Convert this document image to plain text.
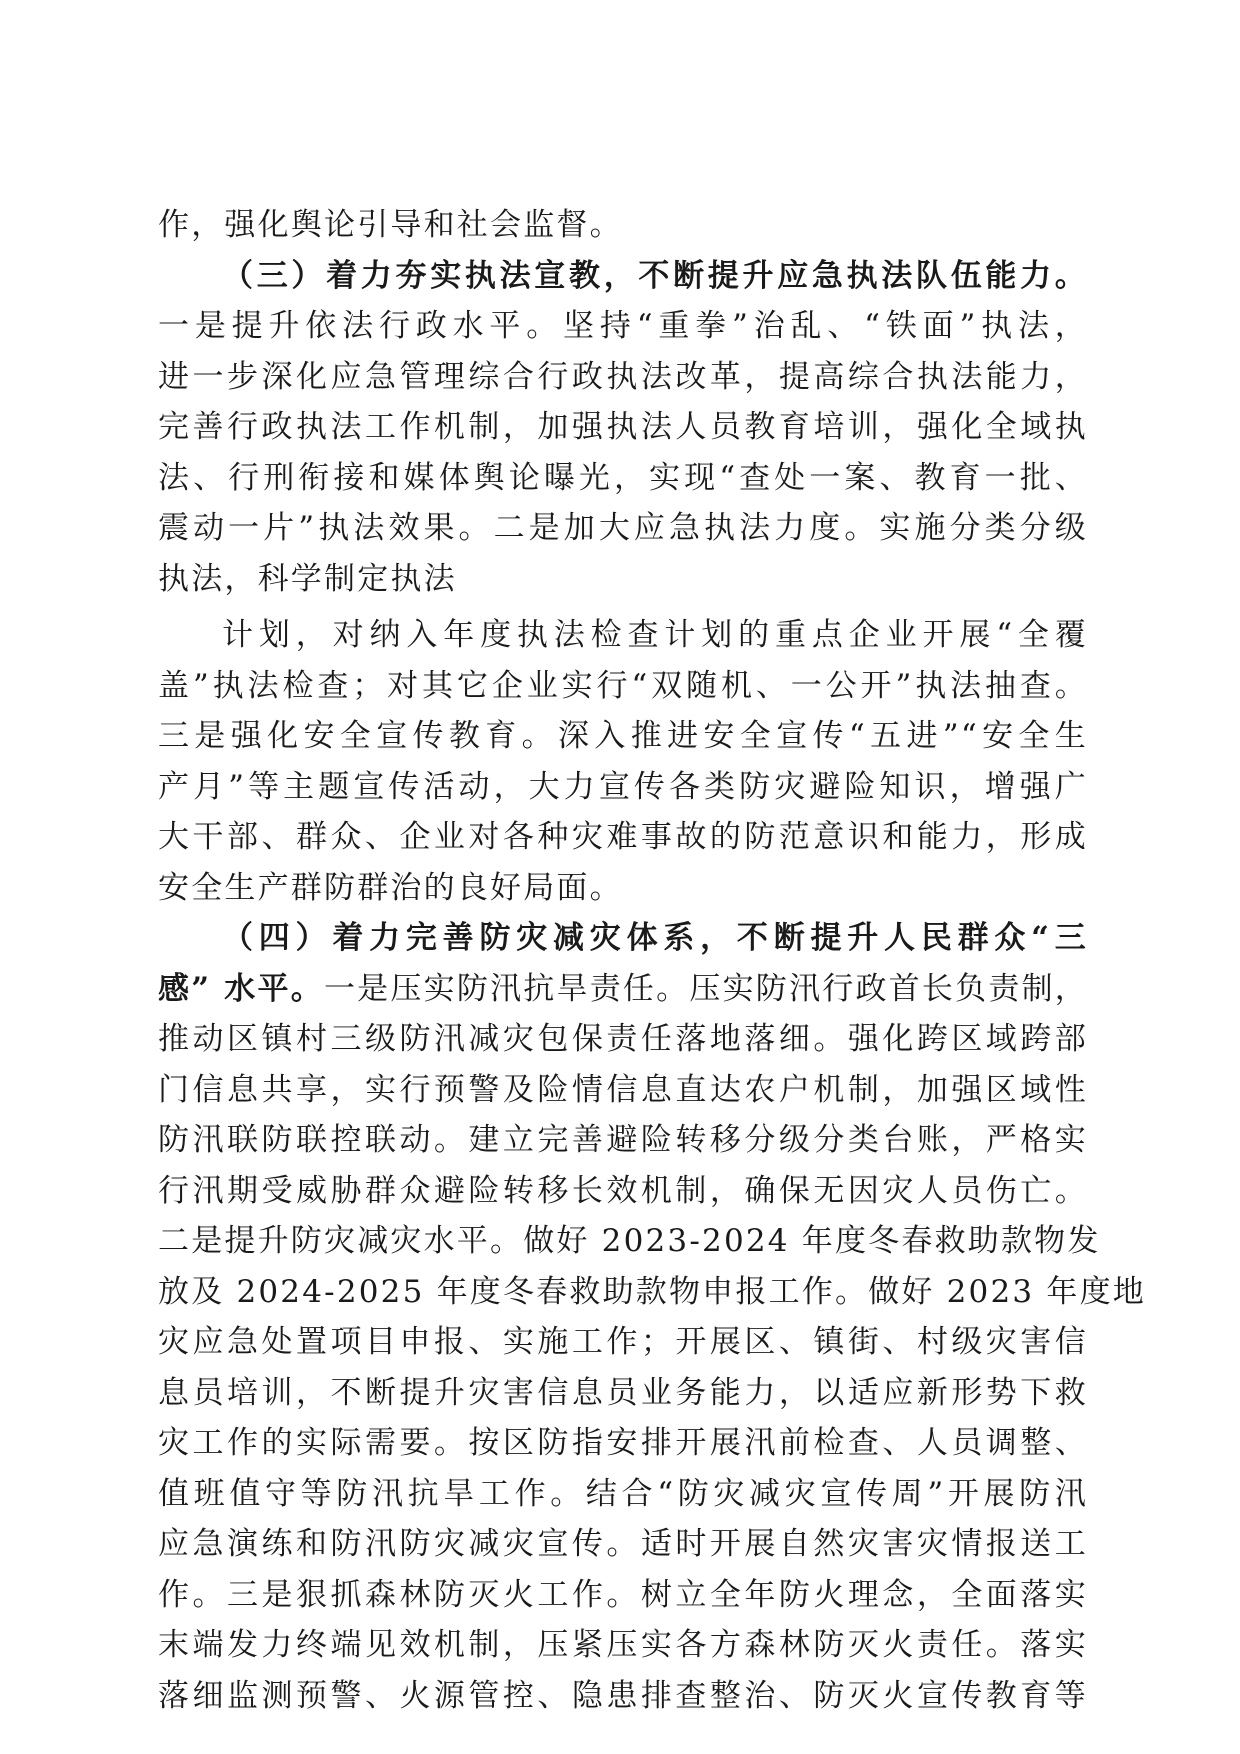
作，强化舆论引导和社会监督。
（三）着力夯实执法宣教，不断提升应急执法队伍能力。
一是提升依法行政水平。坚持“重拳”治乱、“铁面”执法，
进一步深化应急管理综合行政执法改革，提高综合执法能力，
完善行政执法工作机制，加强执法人员教育培训，强化全域执
法、行刑衔接和媒体舆论曝光，实现“查处一案、教育一批、
震动一片”执法效果。二是加大应急执法力度。实施分类分级
执法，科学制定执法
计划，对纳入年度执法检查计划的重点企业开展“全覆
盖”执法检查；对其它企业实行“双随机、一公开”执法抽查。
三是强化安全宣传教育。深入推进安全宣传“五进”“安全生
产月”等主题宣传活动，大力宣传各类防灾避险知识，增强广
大干部、群众、企业对各种灾难事故的防范意识和能力，形成
安全生产群防群治的良好局面。
（四）着力完善防灾减灾体系，不断提升人民群众“三
感” 水平。一是压实防汛抗旱责任。压实防汛行政首长负责制，
推动区镇村三级防汛减灾包保责任落地落细。强化跨区域跨部
门信息共享，实行预警及险情信息直达农户机制，加强区域性
防汛联防联控联动。建立完善避险转移分级分类台账，严格实
行汛期受威胁群众避险转移长效机制，确保无因灾人员伤亡。
二是提升防灾减灾水平。做好 2023-2024 年度冬春救助款物发
放及 2024-2025 年度冬春救助款物申报工作。做好 2023 年度地
灾应急处置项目申报、实施工作；开展区、镇街、村级灾害信
息员培训，不断提升灾害信息员业务能力，以适应新形势下救
灾工作的实际需要。按区防指安排开展汛前检查、人员调整、
值班值守等防汛抗旱工作。结合“防灾减灾宣传周”开展防汛
应急演练和防汛防灾减灾宣传。适时开展自然灾害灾情报送工
作。三是狠抓森林防灭火工作。树立全年防火理念，全面落实
末端发力终端见效机制，压紧压实各方森林防灭火责任。落实
落细监测预警、火源管控、隐患排查整治、防灭火宣传教育等
